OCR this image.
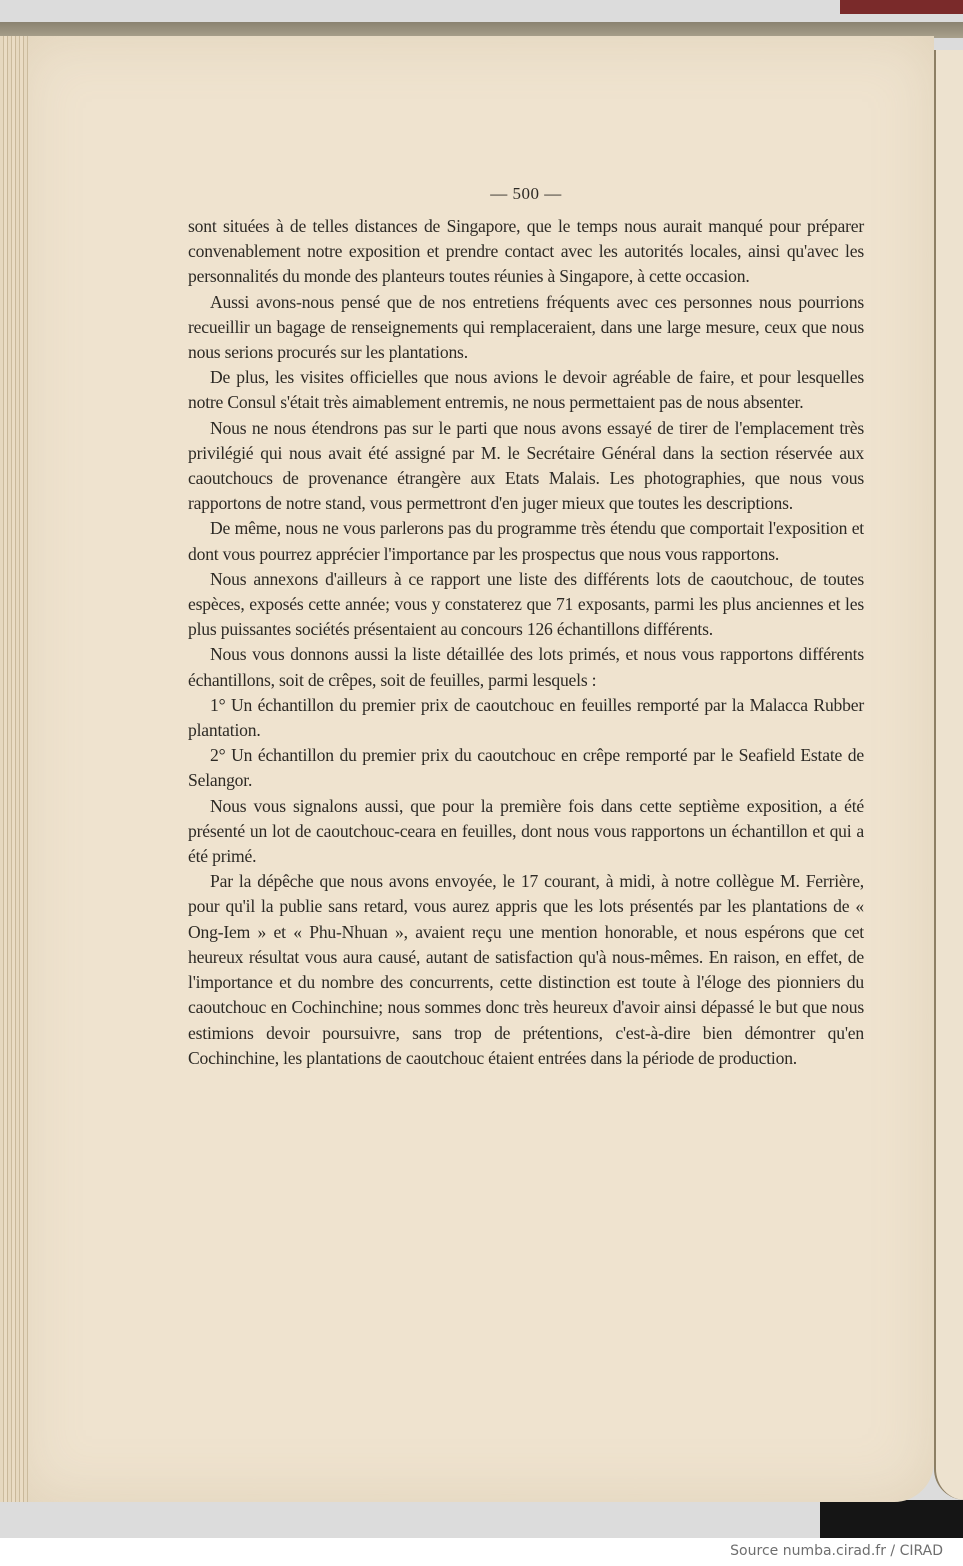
— 500 —

sont situées à de telles distances de Singapore, que le temps nous aurait manqué pour préparer convenablement notre exposition et prendre contact avec les autorités locales, ainsi qu'avec les personnalités du monde des planteurs toutes réunies à Singapore, à cette occasion.

Aussi avons-nous pensé que de nos entretiens fréquents avec ces personnes nous pourrions recueillir un bagage de renseignements qui remplaceraient, dans une large mesure, ceux que nous nous serions procurés sur les plantations.

De plus, les visites officielles que nous avions le devoir agréable de faire, et pour lesquelles notre Consul s'était très aimablement entremis, ne nous permettaient pas de nous absenter.

Nous ne nous étendrons pas sur le parti que nous avons essayé de tirer de l'emplacement très privilégié qui nous avait été assigné par M. le Secrétaire Général dans la section réservée aux caoutchoucs de provenance étrangère aux Etats Malais. Les photographies, que nous vous rapportons de notre stand, vous permettront d'en juger mieux que toutes les descriptions.

De même, nous ne vous parlerons pas du programme très étendu que comportait l'exposition et dont vous pourrez apprécier l'importance par les prospectus que nous vous rapportons.

Nous annexons d'ailleurs à ce rapport une liste des différents lots de caoutchouc, de toutes espèces, exposés cette année; vous y constaterez que 71 exposants, parmi les plus anciennes et les plus puissantes sociétés présentaient au concours 126 échantillons différents.

Nous vous donnons aussi la liste détaillée des lots primés, et nous vous rapportons différents échantillons, soit de crêpes, soit de feuilles, parmi lesquels :

1° Un échantillon du premier prix de caoutchouc en feuilles remporté par la Malacca Rubber plantation.

2° Un échantillon du premier prix du caoutchouc en crêpe remporté par le Seafield Estate de Selangor.

Nous vous signalons aussi, que pour la première fois dans cette septième exposition, a été présenté un lot de caoutchouc-ceara en feuilles, dont nous vous rapportons un échantillon et qui a été primé.

Par la dépêche que nous avons envoyée, le 17 courant, à midi, à notre collègue M. Ferrière, pour qu'il la publie sans retard, vous aurez appris que les lots présentés par les plantations de « Ong-Iem » et « Phu-Nhuan », avaient reçu une mention honorable, et nous espérons que cet heureux résultat vous aura causé, autant de satisfaction qu'à nous-mêmes. En raison, en effet, de l'importance et du nombre des concurrents, cette distinction est toute à l'éloge des pionniers du caoutchouc en Cochinchine; nous sommes donc très heureux d'avoir ainsi dépassé le but que nous estimions devoir poursuivre, sans trop de prétentions, c'est-à-dire bien démontrer qu'en Cochinchine, les plantations de caoutchouc étaient entrées dans la période de production.

Source numba.cirad.fr / CIRAD
